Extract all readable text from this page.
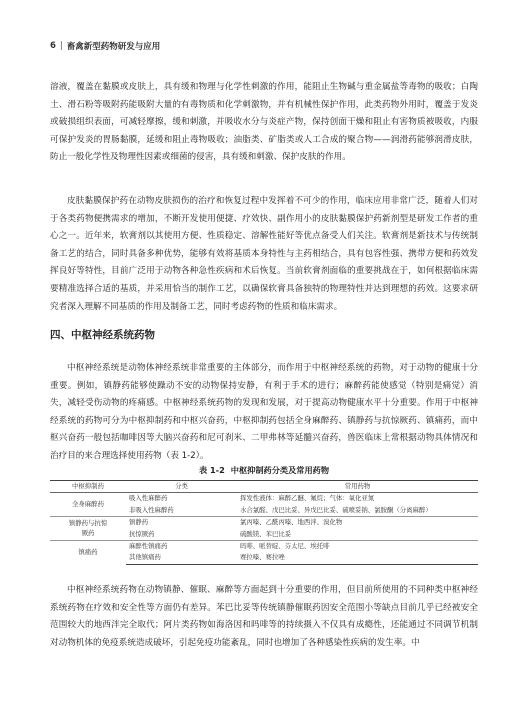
6 | 畜禽新型药物研发与应用

溶液，覆盖在黏膜或皮肤上，具有缓和物理与化学性刺激的作用，能阻止生物碱与重金属盐等毒物的吸收；白陶土、滑石粉等吸附药能吸附大量的有毒物质和化学刺激物，并有机械性保护作用，此类药物外用时，覆盖于发炎或破损组织表面，可减轻摩擦，缓和刺激，并吸收水分与炎症产物，保持创面干燥和阻止有害物质被吸收，内服可保护发炎的胃肠黏膜，延缓和阻止毒物吸收；油脂类、矿脂类或人工合成的聚合物——润滑药能够润滑皮肤，防止一般化学性及物理性因素或细菌的侵害，具有缓和刺激、保护皮肤的作用。

皮肤黏膜保护药在动物皮肤损伤的治疗和恢复过程中发挥着不可少的作用，临床应用非常广泛，随着人们对于各类药物便携需求的增加，不断开发使用便捷、疗效快、副作用小的皮肤黏膜保护药新剂型是研发工作者的重心之一。近年来，软膏剂以其使用方便、性质稳定、溶解性能好等优点备受人们关注。软膏剂是新技术与传统制备工艺的结合，同时具备多种优势，能够有效将基质本身特性与主药相结合，具有包容性强、携带方便和药效发挥良好等特性，目前广泛用于动物各种急性疾病和术后恢复。当前软膏剂面临的重要挑战在于，如何根据临床需要精准选择合适的基质，并采用恰当的制作工艺，以确保软膏具备独特的物理特性并达到理想的药效。这要求研究者深入理解不同基质的作用及制备工艺，同时考虑药物的性质和临床需求。

四、中枢神经系统药物

中枢神经系统是动物体神经系统非常重要的主体部分，而作用于中枢神经系统的药物，对于动物的健康十分重要。例如，镇静药能够使躁动不安的动物保持安静，有利于手术的进行；麻醉药能使感觉（特别是痛觉）消失，减轻受伤动物的疼痛感。中枢神经系统药物的发现和发展，对于提高动物健康水平十分重要。作用于中枢神经系统的药物可分为中枢抑制药和中枢兴奋药，中枢抑制药包括全身麻醉药、镇静药与抗惊厥药、镇痛药，而中枢兴奋药一般包括咖啡因等大脑兴奋药和尼可刹米、二甲弗林等延髓兴奋药，兽医临床上常根据动物具体情况和治疗目的来合理选择使用药物（表 1-2）。

表 1-2 中枢抑制药分类及常用药物

中枢抑制药	分类	常用药物
全身麻醉药	吸入性麻醉药	挥发性液体：麻醉乙醚、氟烷；气体：氧化亚氮
	非吸入性麻醉药	水合氯醛、戊巴比妥、异戊巴比妥、硫喷妥钠、氯胺酮（分离麻醉）
镇静药与抗惊厥药	镇静药	氯丙嗪、乙酰丙嗪、地西泮、溴化物
	抗惊厥药	硫酸镁、苯巴比妥
镇痛药	麻醉性镇痛药	吗啡、哌替啶、芬太尼、埃托啡
	其他镇痛药	赛拉嗪、赛拉唑

中枢神经系统药物在动物镇静、催眠、麻醉等方面起到十分重要的作用，但目前所使用的不同种类中枢神经系统药物在疗效和安全性等方面仍有差异。苯巴比妥等传统镇静催眠药因安全范围小等缺点目前几乎已经被安全范围较大的地西泮完全取代；阿片类药物如海洛因和吗啡等的持续摄入不仅具有成瘾性，还能通过不同调节机制对动物机体的免疫系统造成破坏，引起免疫功能紊乱，同时也增加了各种感染性疾病的发生率。中
